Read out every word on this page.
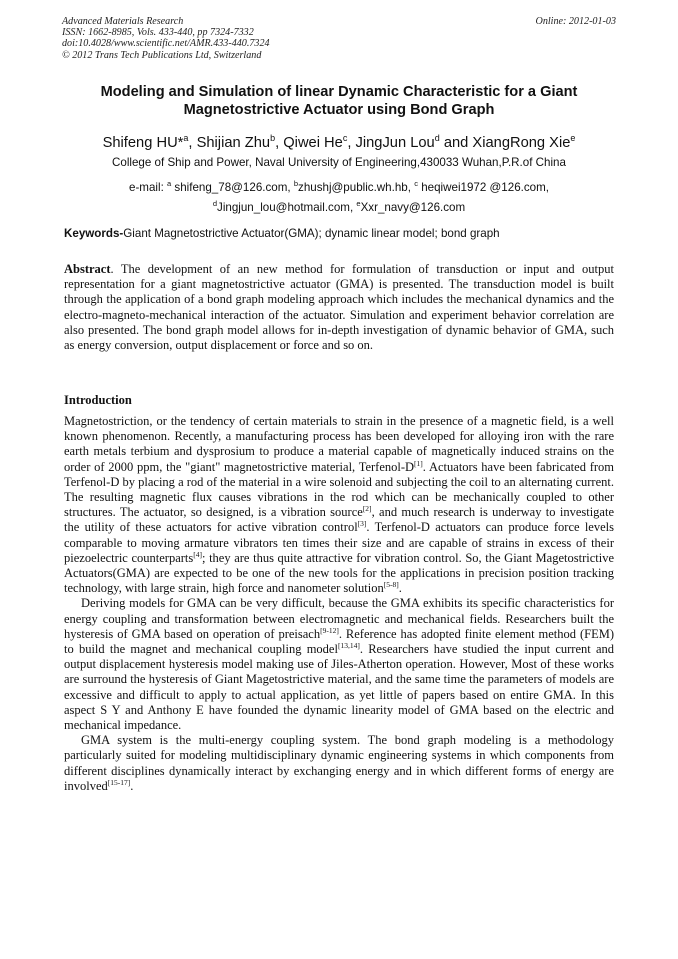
Advanced Materials Research	Online: 2012-01-03
ISSN: 1662-8985, Vols. 433-440, pp 7324-7332
doi:10.4028/www.scientific.net/AMR.433-440.7324
© 2012 Trans Tech Publications Ltd, Switzerland
Modeling and Simulation of linear Dynamic Characteristic for a Giant Magnetostrictive Actuator using Bond Graph
Shifeng HU*$^a$, Shijian Zhu$^b$, Qiwei He$^c$, JingJun Lou$^d$ and XiangRong Xie$^e$
College of Ship and Power, Naval University of Engineering,430033 Wuhan,P.R.of China
e-mail: $^a$ shifeng_78@126.com, $^b$zhushj@public.wh.hb, $^c$ heqiwei1972 @126.com,
$^d$Jingjun_lou@hotmail.com, $^e$Xxr_navy@126.com
Keywords-Giant Magnetostrictive Actuator(GMA); dynamic linear model; bond graph

Abstract. The development of an new method for formulation of transduction or input and output representation for a giant magnetostrictive actuator (GMA) is presented. The transduction model is built through the application of a bond graph modeling approach which includes the mechanical dynamics and the electro-magneto-mechanical interaction of the actuator. Simulation and experiment behavior correlation are also presented. The bond graph model allows for in-depth investigation of dynamic behavior of GMA, such as energy conversion, output displacement or force and so on.

Introduction

Magnetostriction, or the tendency of certain materials to strain in the presence of a magnetic field, is a well known phenomenon. Recently, a manufacturing process has been developed for alloying iron with the rare earth metals terbium and dysprosium to produce a material capable of magnetically induced strains on the order of 2000 ppm, the "giant" magnetostrictive material, Terfenol-D[1]. Actuators have been fabricated from Terfenol-D by placing a rod of the material in a wire solenoid and subjecting the coil to an alternating current. The resulting magnetic flux causes vibrations in the rod which can be mechanically coupled to other structures. The actuator, so designed, is a vibration source[2], and much research is underway to investigate the utility of these actuators for active vibration control[3]. Terfenol-D actuators can produce force levels comparable to moving armature vibrators ten times their size and are capable of strains in excess of their piezoelectric counterparts[4]; they are thus quite attractive for vibration control. So, the Giant Magetostrictive Actuators(GMA) are expected to be one of the new tools for the applications in precision position tracking technology, with large strain, high force and nanometer solution[5-8].

Deriving models for GMA can be very difficult, because the GMA exhibits its specific characteristics for energy coupling and transformation between electromagnetic and mechanical fields. Researchers built the hysteresis of GMA based on operation of preisach[9-12]. Reference has adopted finite element method (FEM) to build the magnet and mechanical coupling model[13,14]. Researchers have studied the input current and output displacement hysteresis model making use of Jiles-Atherton operation. However, Most of these works are surround the hysteresis of Giant Magetostrictive material, and the same time the parameters of models are excessive and difficult to apply to actual application, as yet little of papers based on entire GMA. In this aspect S Y and Anthony E have founded the dynamic linearity model of GMA based on the electric and mechanical impedance.

GMA system is the multi-energy coupling system. The bond graph modeling is a methodology particularly suited for modeling multidisciplinary dynamic engineering systems in which components from different disciplines dynamically interact by exchanging energy and in which different forms of energy are involved[15-17].
